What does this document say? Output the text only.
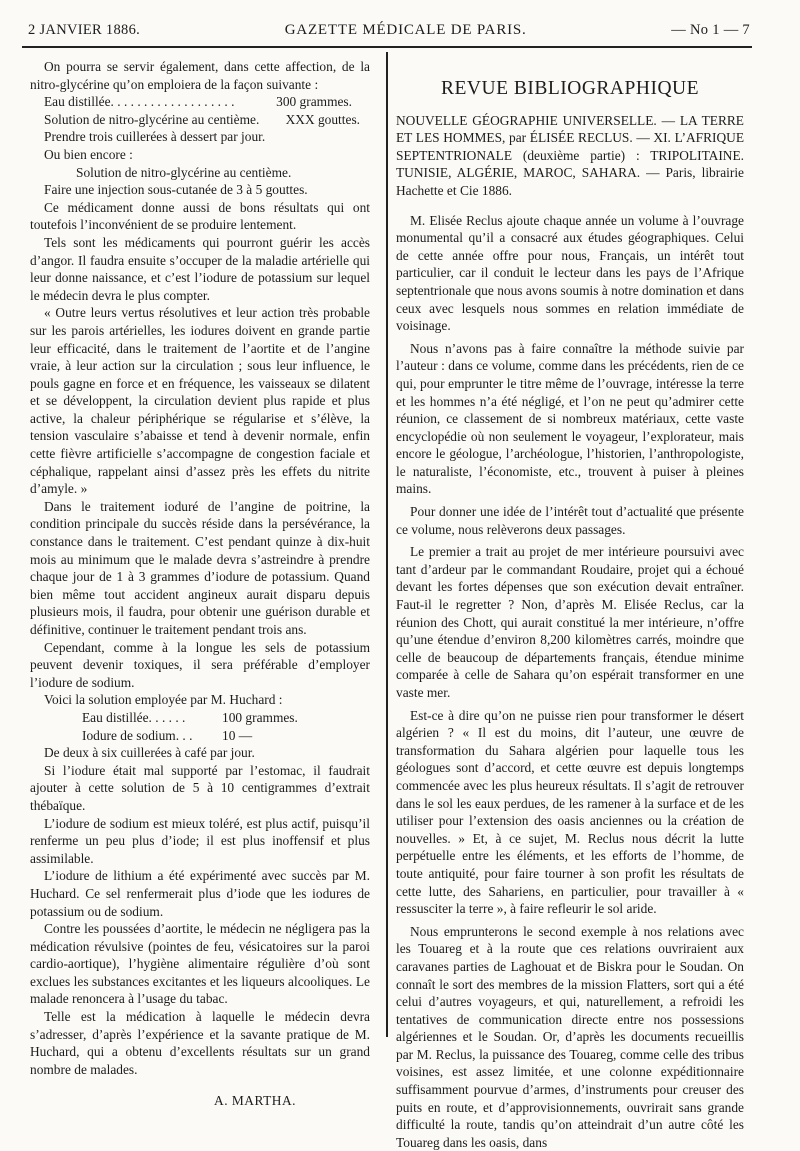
2 JANVIER 1886.	GAZETTE MÉDICALE DE PARIS.	— No 1 — 7

On pourra se servir également, dans cette affection, de la nitro-glycérine qu’on emploiera de la façon suivante :

Eau distillée. . . . . . . . . . . . . . . . . . .	300 grammes.
Solution de nitro-glycérine au centième.	XXX gouttes.

Prendre trois cuillerées à dessert par jour.

Ou bien encore :

Solution de nitro-glycérine au centième.

Faire une injection sous-cutanée de 3 à 5 gouttes.

Ce médicament donne aussi de bons résultats qui ont toutefois l’inconvénient de se produire lentement.

Tels sont les médicaments qui pourront guérir les accès d’angor. Il faudra ensuite s’occuper de la maladie artérielle qui leur donne naissance, et c’est l’iodure de potassium sur lequel le médecin devra le plus compter.

« Outre leurs vertus résolutives et leur action très probable sur les parois artérielles, les iodures doivent en grande partie leur efficacité, dans le traitement de l’aortite et de l’angine vraie, à leur action sur la circulation ; sous leur influence, le pouls gagne en force et en fréquence, les vaisseaux se dilatent et se développent, la circulation devient plus rapide et plus active, la chaleur périphérique se régularise et s’élève, la tension vasculaire s’abaisse et tend à devenir normale, enfin cette fièvre artificielle s’accompagne de congestion faciale et céphalique, rappelant ainsi d’assez près les effets du nitrite d’amyle. »

Dans le traitement ioduré de l’angine de poitrine, la condition principale du succès réside dans la persévérance, la constance dans le traitement. C’est pendant quinze à dix-huit mois au minimum que le malade devra s’astreindre à prendre chaque jour de 1 à 3 grammes d’iodure de potassium. Quand bien même tout accident angineux aurait disparu depuis plusieurs mois, il faudra, pour obtenir une guérison durable et définitive, continuer le traitement pendant trois ans.

Cependant, comme à la longue les sels de potassium peuvent devenir toxiques, il sera préférable d’employer l’iodure de sodium.

Voici la solution employée par M. Huchard :

Eau distillée. . . . . .	100 grammes.
Iodure de sodium. . .	10 —

De deux à six cuillerées à café par jour.

Si l’iodure était mal supporté par l’estomac, il faudrait ajouter à cette solution de 5 à 10 centigrammes d’extrait thébaïque.

L’iodure de sodium est mieux toléré, est plus actif, puisqu’il renferme un peu plus d’iode; il est plus inoffensif et plus assimilable.

L’iodure de lithium a été expérimenté avec succès par M. Huchard. Ce sel renfermerait plus d’iode que les iodures de potassium ou de sodium.

Contre les poussées d’aortite, le médecin ne négligera pas la médication révulsive (pointes de feu, vésicatoires sur la paroi cardio-aortique), l’hygiène alimentaire régulière d’où sont exclues les substances excitantes et les liqueurs alcooliques. Le malade renoncera à l’usage du tabac.

Telle est la médication à laquelle le médecin devra s’adresser, d’après l’expérience et la savante pratique de M. Huchard, qui a obtenu d’excellents résultats sur un grand nombre de malades.

A. MARTHA.

REVUE BIBLIOGRAPHIQUE

NOUVELLE GÉOGRAPHIE UNIVERSELLE. — LA TERRE ET LES HOMMES, par ÉLISÉE RECLUS. — XI. L’AFRIQUE SEPTENTRIONALE (deuxième partie) : TRIPOLITAINE. TUNISIE, ALGÉRIE, MAROC, SAHARA. — Paris, librairie Hachette et Cie 1886.

M. Elisée Reclus ajoute chaque année un volume à l’ouvrage monumental qu’il a consacré aux études géographiques. Celui de cette année offre pour nous, Français, un intérêt tout particulier, car il conduit le lecteur dans les pays de l’Afrique septentrionale que nous avons soumis à notre domination et dans ceux avec lesquels nous sommes en relation immédiate de voisinage.

Nous n’avons pas à faire connaître la méthode suivie par l’auteur : dans ce volume, comme dans les précédents, rien de ce qui, pour emprunter le titre même de l’ouvrage, intéresse la terre et les hommes n’a été négligé, et l’on ne peut qu’admirer cette réunion, ce classement de si nombreux matériaux, cette vaste encyclopédie où non seulement le voyageur, l’explorateur, mais encore le géologue, l’archéologue, l’historien, l’anthropologiste, le naturaliste, l’économiste, etc., trouvent à puiser à pleines mains.

Pour donner une idée de l’intérêt tout d’actualité que présente ce volume, nous relèverons deux passages.

Le premier a trait au projet de mer intérieure poursuivi avec tant d’ardeur par le commandant Roudaire, projet qui a échoué devant les fortes dépenses que son exécution devait entraîner. Faut-il le regretter ? Non, d’après M. Elisée Reclus, car la réunion des Chott, qui aurait constitué la mer intérieure, n’offre qu’une étendue d’environ 8,200 kilomètres carrés, moindre que celle de beaucoup de départements français, étendue minime comparée à celle de Sahara qu’on espérait transformer en une vaste mer.

Est-ce à dire qu’on ne puisse rien pour transformer le désert algérien ? « Il est du moins, dit l’auteur, une œuvre de transformation du Sahara algérien pour laquelle tous les géologues sont d’accord, et cette œuvre est depuis longtemps commencée avec les plus heureux résultats. Il s’agit de retrouver dans le sol les eaux perdues, de les ramener à la surface et de les utiliser pour l’extension des oasis anciennes ou la création de nouvelles. » Et, à ce sujet, M. Reclus nous décrit la lutte perpétuelle entre les éléments, et les efforts de l’homme, de toute antiquité, pour faire tourner à son profit les résultats de cette lutte, des Sahariens, en particulier, pour travailler à « ressusciter la terre », à faire refleurir le sol aride.

Nous emprunterons le second exemple à nos relations avec les Touareg et à la route que ces relations ouvriraient aux caravanes parties de Laghouat et de Biskra pour le Soudan. On connaît le sort des membres de la mission Flatters, sort qui a été celui d’autres voyageurs, et qui, naturellement, a refroidi les tentatives de communication directe entre nos possessions algériennes et le Soudan. Or, d’après les documents recueillis par M. Reclus, la puissance des Touareg, comme celle des tribus voisines, est assez limitée, et une colonne expéditionnaire suffisamment pourvue d’armes, d’instruments pour creuser des puits en route, et d’approvisionnements, ouvrirait sans grande difficulté la route, tandis qu’on atteindrait d’un autre côté les Touareg dans les oasis, dans
